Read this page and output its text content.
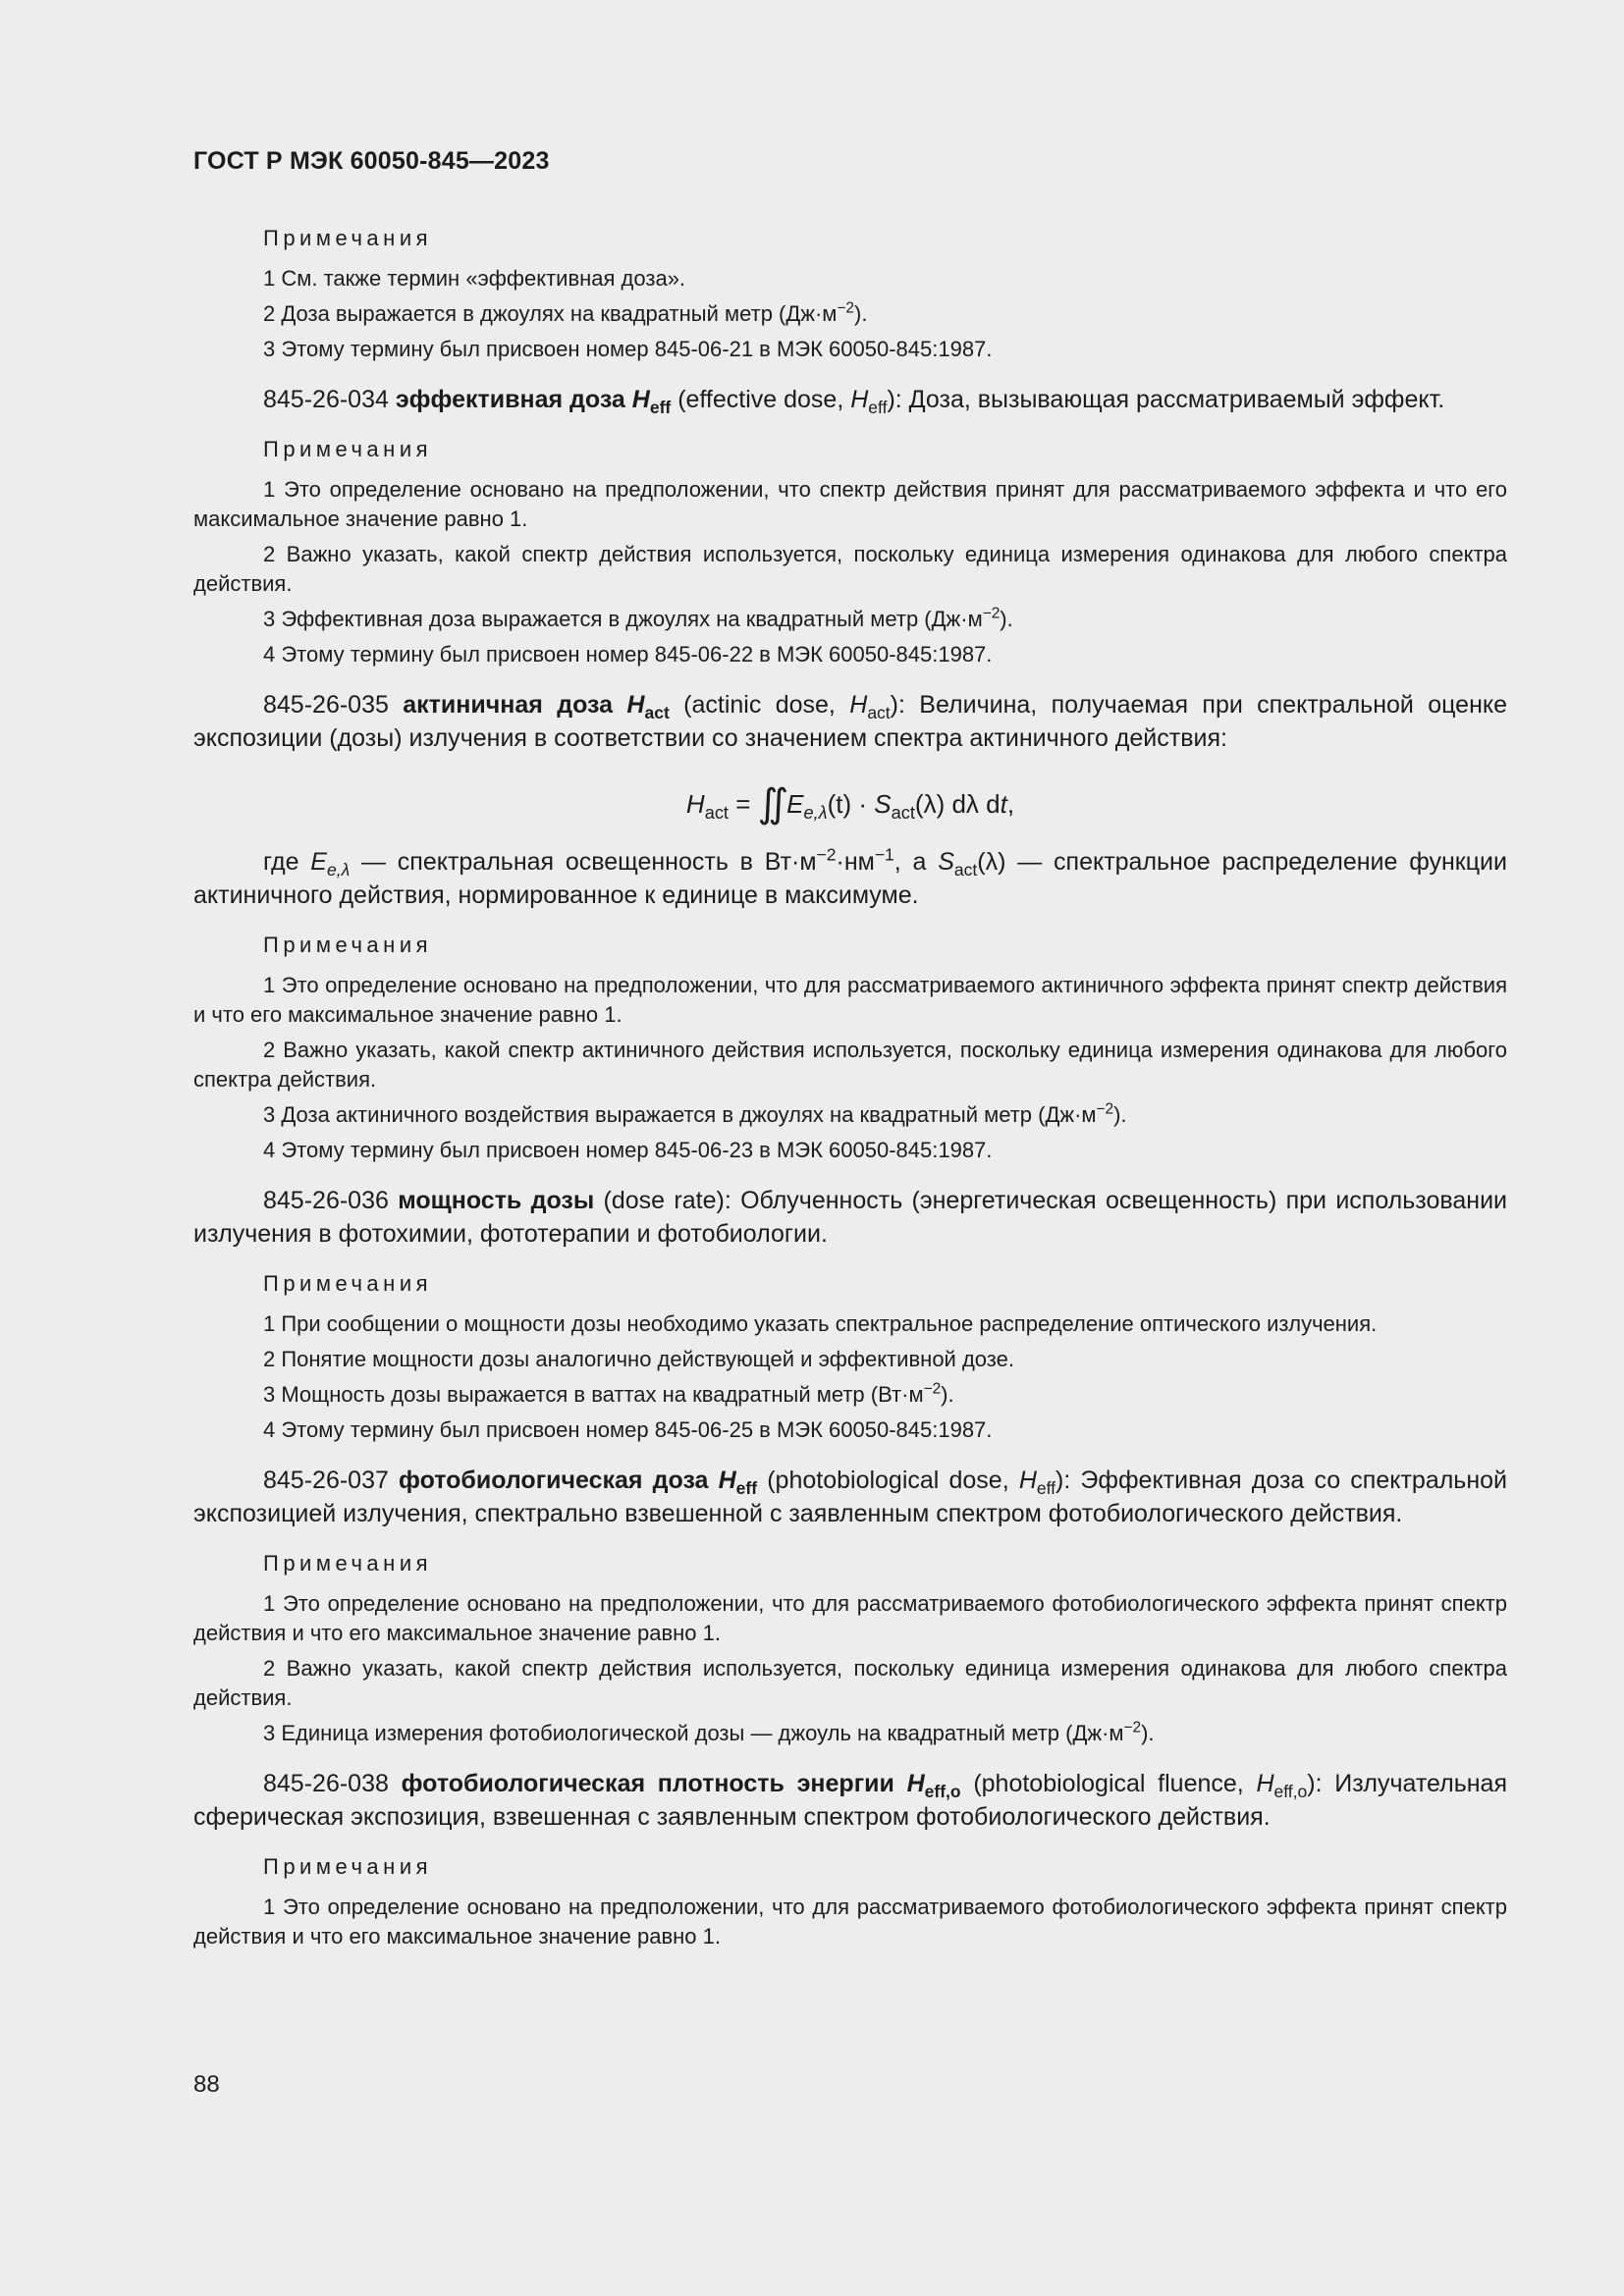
ГОСТ Р МЭК 60050-845—2023

Примечания

1 См. также термин «эффективная доза».

2 Доза выражается в джоулях на квадратный метр $(Дж\cdot м^{-2})$.

3 Этому термину был присвоен номер 845-06-21 в МЭК 60050-845:1987.

845-26-034 эффективная доза $H_{eff}$ (effective dose, $H_{eff}$): Доза, вызывающая рассматриваемый эффект.

Примечания

1 Это определение основано на предположении, что спектр действия принят для рассматриваемого эффекта и что его максимальное значение равно 1.

2 Важно указать, какой спектр действия используется, поскольку единица измерения одинакова для любого спектра действия.

3 Эффективная доза выражается в джоулях на квадратный метр $(Дж\cdot м^{-2})$.

4 Этому термину был присвоен номер 845-06-22 в МЭК 60050-845:1987.

845-26-035 актиничная доза $H_{act}$ (actinic dose, $H_{act}$): Величина, получаемая при спектральной оценке экспозиции (дозы) излучения в соответствии со значением спектра актиничного действия:

$H_{act}$ = ∬ $E_{e,\lambda}(t) \cdot S_{act}(\lambda)$ dλ dt,

где $E_{e,\lambda}$ — спектральная освещенность в $Вт\cdot м^{-2}\cdot нм^{-1}$, а $S_{act}(\lambda)$ — спектральное распределение функции актиничного действия, нормированное к единице в максимуме.

Примечания

1 Это определение основано на предположении, что для рассматриваемого актиничного эффекта принят спектр действия и что его максимальное значение равно 1.

2 Важно указать, какой спектр актиничного действия используется, поскольку единица измерения одинакова для любого спектра действия.

3 Доза актиничного воздействия выражается в джоулях на квадратный метр $(Дж\cdot м^{-2})$.

4 Этому термину был присвоен номер 845-06-23 в МЭК 60050-845:1987.

845-26-036 мощность дозы (dose rate): Облученность (энергетическая освещенность) при использовании излучения в фотохимии, фототерапии и фотобиологии.

Примечания

1 При сообщении о мощности дозы необходимо указать спектральное распределение оптического излучения.

2 Понятие мощности дозы аналогично действующей и эффективной дозе.

3 Мощность дозы выражается в ваттах на квадратный метр $(Вт\cdot м^{-2})$.

4 Этому термину был присвоен номер 845-06-25 в МЭК 60050-845:1987.

845-26-037 фотобиологическая доза $H_{eff}$ (photobiological dose, $H_{eff}$): Эффективная доза со спектральной экспозицией излучения, спектрально взвешенной с заявленным спектром фотобиологического действия.

Примечания

1 Это определение основано на предположении, что для рассматриваемого фотобиологического эффекта принят спектр действия и что его максимальное значение равно 1.

2 Важно указать, какой спектр действия используется, поскольку единица измерения одинакова для любого спектра действия.

3 Единица измерения фотобиологической дозы — джоуль на квадратный метр $(Дж\cdot м^{-2})$.

845-26-038 фотобиологическая плотность энергии $H_{eff,o}$ (photobiological fluence, $H_{eff,o}$): Излучательная сферическая экспозиция, взвешенная с заявленным спектром фотобиологического действия.

Примечания

1 Это определение основано на предположении, что для рассматриваемого фотобиологического эффекта принят спектр действия и что его максимальное значение равно 1.

88
